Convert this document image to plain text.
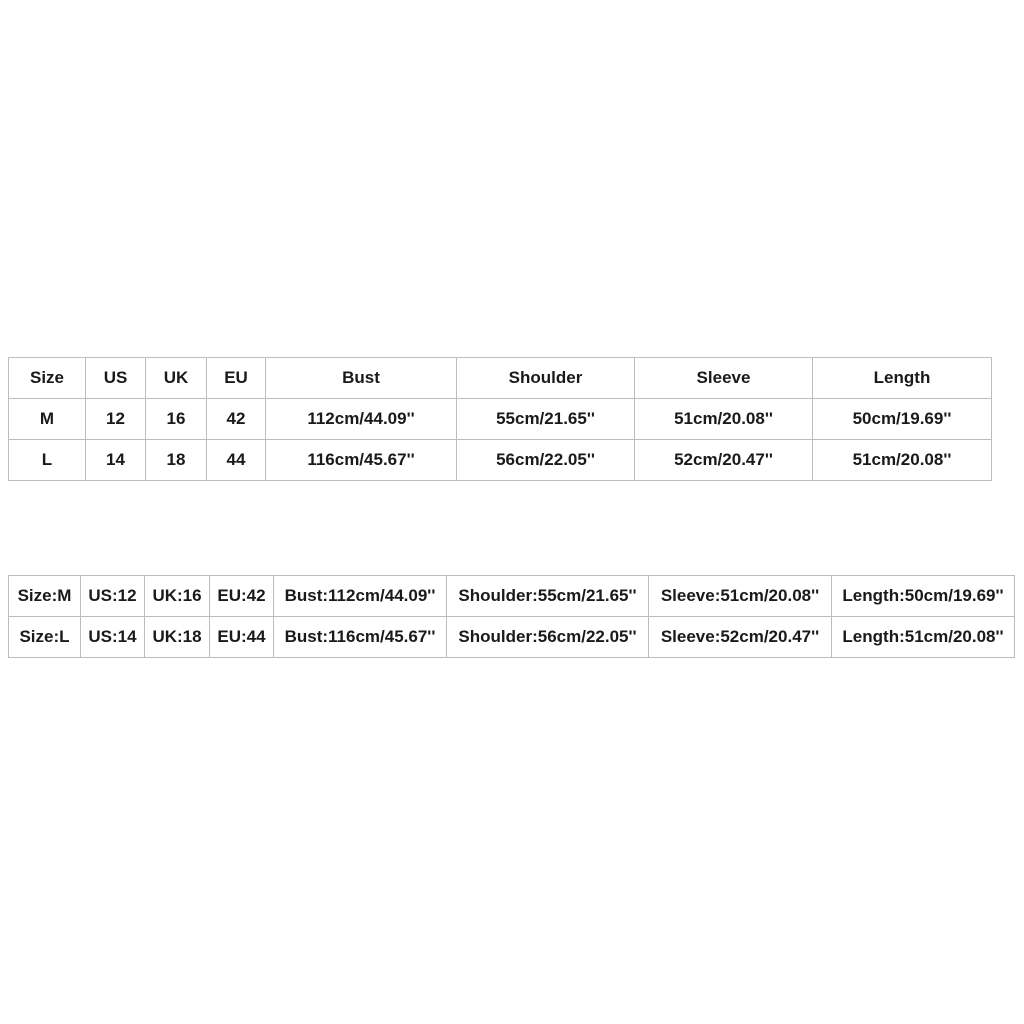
Size	US	UK	EU	Bust	Shoulder	Sleeve	Length
M	12	16	42	112cm/44.09''	55cm/21.65''	51cm/20.08''	50cm/19.69''
L	14	18	44	116cm/45.67''	56cm/22.05''	52cm/20.47''	51cm/20.08''
Size:M	US:12	UK:16	EU:42	Bust:112cm/44.09''	Shoulder:55cm/21.65''	Sleeve:51cm/20.08''	Length:50cm/19.69''
Size:L	US:14	UK:18	EU:44	Bust:116cm/45.67''	Shoulder:56cm/22.05''	Sleeve:52cm/20.47''	Length:51cm/20.08''
